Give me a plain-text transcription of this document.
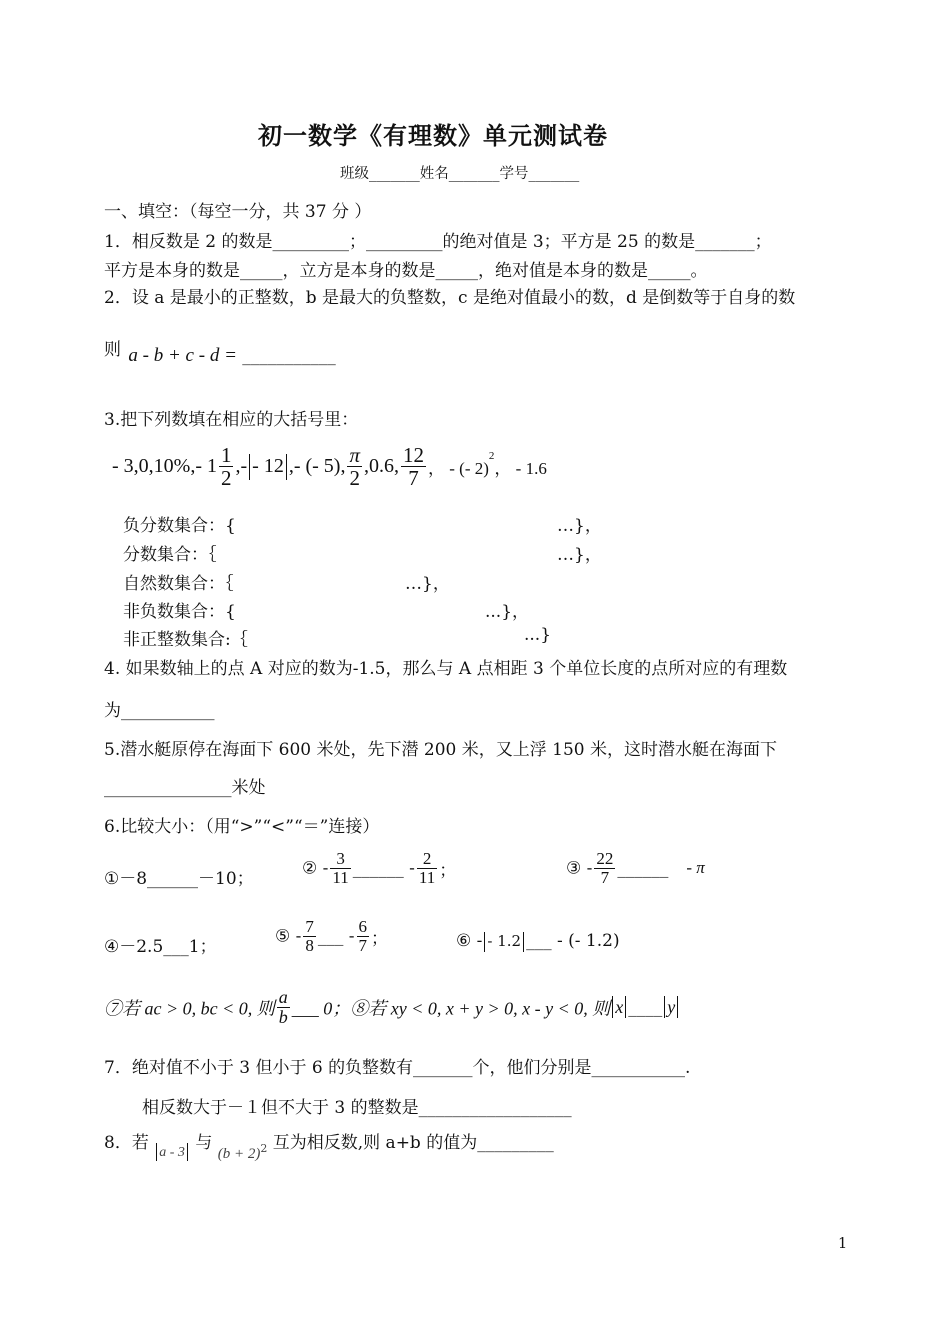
初一数学《有理数》单元测试卷
班级_______姓名_______学号_______
一、填空：（每空一分，共 37 分 ）
1．相反数是 2 的数是_________；_________的绝对值是 3；平方是 25 的数是_______；
平方是本身的数是_____，立方是本身的数是_____，绝对值是本身的数是_____。
2．设 a 是最小的正整数，b 是最大的负整数，c 是绝对值最小的数，d 是倒数等于自身的数
则 a - b + c - d = ___________
3.把下列数填在相应的大括号里：
- 3,0,10%,- $1 \frac{1}{2}$ ,- - 12 ,- (- 5), $\frac{\pi}{2} ,0.6$, $\frac{12}{7}$ ， - (- 2)$^2$， - 1.6
负分数集合：{	…}，
分数集合：｛	…}，
自然数集合：｛	…}，
非负数集合：{	...}，
非正整数集合:｛	...}
4. 如果数轴上的点 A 对应的数为-1.5，那么与 A 点相距 3 个单位长度的点所对应的有理数
为___________
5.潜水艇原停在海面下 600 米处，先下潜 200 米，又上浮 150 米，这时潜水艇在海面下
_______________米处
6.比较大小：（用“>”“<”“＝”连接）
①－8______－10；
② - $\frac{3}{11}$ ______ - $\frac{2}{11}$ ；	③ - $\frac{22}{7}$ ______ - π
④－2.5___1；
⑤ - $\frac{7}{8}$ ___ - $\frac{6}{7}$ ；	⑥ - - 1.2 ___ - (- 1.2)
⑦若 ac > 0, bc < 0, 则 $\frac{a}{b}$ ___ 0；⑧若 xy < 0, x + y > 0, x - y < 0, 则 x ____ y
7．绝对值不小于 3 但小于 6 的负整数有_______个，他们分别是___________.
相反数大于－１但不大于 3 的整数是__________________
8．若 $_{a - 3}$ 与 $(b + 2)^2$ 互为相反数,则 a+b 的值为_________
1
